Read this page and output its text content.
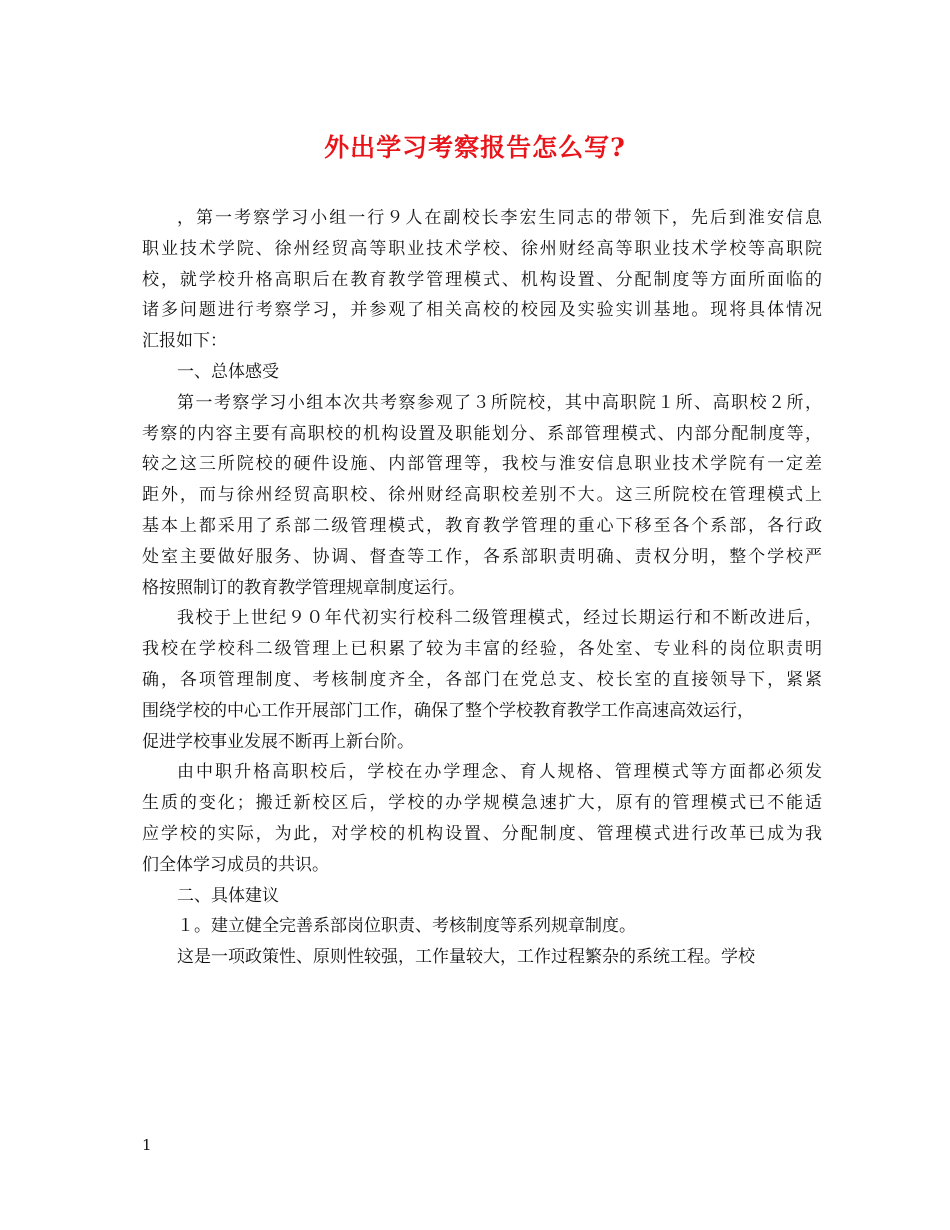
外出学习考察报告怎么写?
，第一考察学习小组一行９人在副校长李宏生同志的带领下，先后到淮安信息
职业技术学院、徐州经贸高等职业技术学校、徐州财经高等职业技术学校等高职院
校，就学校升格高职后在教育教学管理模式、机构设置、分配制度等方面所面临的
诸多问题进行考察学习，并参观了相关高校的校园及实验实训基地。现将具体情况
汇报如下：
一、总体感受
第一考察学习小组本次共考察参观了３所院校，其中高职院１所、高职校２所，
考察的内容主要有高职校的机构设置及职能划分、系部管理模式、内部分配制度等，
较之这三所院校的硬件设施、内部管理等，我校与淮安信息职业技术学院有一定差
距外，而与徐州经贸高职校、徐州财经高职校差别不大。这三所院校在管理模式上
基本上都采用了系部二级管理模式，教育教学管理的重心下移至各个系部，各行政
处室主要做好服务、协调、督查等工作，各系部职责明确、责权分明，整个学校严
格按照制订的教育教学管理规章制度运行。
我校于上世纪９０年代初实行校科二级管理模式，经过长期运行和不断改进后，
我校在学校科二级管理上已积累了较为丰富的经验，各处室、专业科的岗位职责明
确，各项管理制度、考核制度齐全，各部门在党总支、校长室的直接领导下，紧紧
围绕学校的中心工作开展部门工作，确保了整个学校教育教学工作高速高效运行，
促进学校事业发展不断再上新台阶。
由中职升格高职校后，学校在办学理念、育人规格、管理模式等方面都必须发
生质的变化；搬迁新校区后，学校的办学规模急速扩大，原有的管理模式已不能适
应学校的实际，为此，对学校的机构设置、分配制度、管理模式进行改革已成为我
们全体学习成员的共识。
二、具体建议
１。建立健全完善系部岗位职责、考核制度等系列规章制度。
这是一项政策性、原则性较强，工作量较大，工作过程繁杂的系统工程。学校
1
